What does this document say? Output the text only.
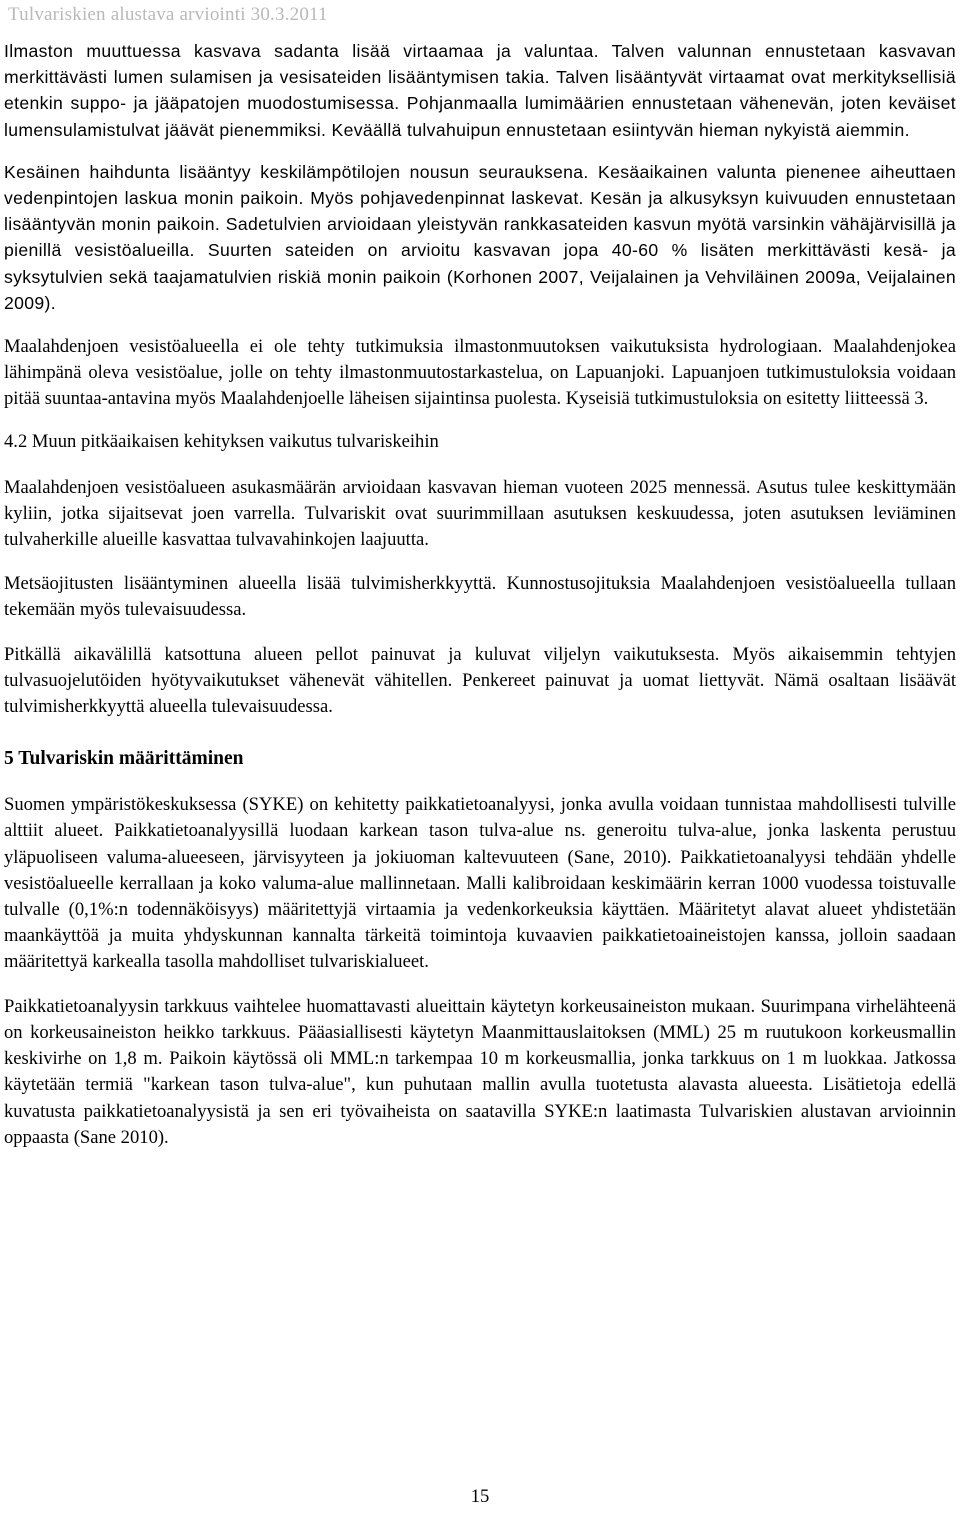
Tulvariskien alustava arviointi 30.3.2011

Ilmaston muuttuessa kasvava sadanta lisää virtaamaa ja valuntaa. Talven valunnan ennustetaan kasvavan merkittävästi lumen sulamisen ja vesisateiden lisääntymisen takia. Talven lisääntyvät virtaamat ovat merkityksellisiä etenkin suppo- ja jääpatojen muodostumisessa. Pohjanmaalla lumimäärien ennustetaan vähenevän, joten keväiset lumensulamistulvat jäävät pienemmiksi. Keväällä tulvahuipun ennustetaan esiintyvän hieman nykyistä aiemmin.

Kesäinen haihdunta lisääntyy keskilämpötilojen nousun seurauksena. Kesäaikainen valunta pienenee aiheuttaen vedenpintojen laskua monin paikoin. Myös pohjavedenpinnat laskevat. Kesän ja alkusyksyn kuivuuden ennustetaan lisääntyvän monin paikoin. Sadetulvien arvioidaan yleistyvän rankkasateiden kasvun myötä varsinkin vähäjärvisillä ja pienillä vesistöalueilla. Suurten sateiden on arvioitu kasvavan jopa 40-60 % lisäten merkittävästi kesä- ja syksytulvien sekä taajamatulvien riskiä monin paikoin (Korhonen 2007, Veijalainen ja Vehviläinen 2009a, Veijalainen 2009).

Maalahdenjoen vesistöalueella ei ole tehty tutkimuksia ilmastonmuutoksen vaikutuksista hydrologiaan. Maalahdenjokea lähimpänä oleva vesistöalue, jolle on tehty ilmastonmuutostarkastelua, on Lapuanjoki. Lapuanjoen tutkimustuloksia voidaan pitää suuntaa-antavina myös Maalahdenjoelle läheisen sijaintinsa puolesta. Kyseisiä tutkimustuloksia on esitetty liitteessä 3.

4.2 Muun pitkäaikaisen kehityksen vaikutus tulvariskeihin

Maalahdenjoen vesistöalueen asukasmäärän arvioidaan kasvavan hieman vuoteen 2025 mennessä. Asutus tulee keskittymään kyliin, jotka sijaitsevat joen varrella. Tulvariskit ovat suurimmillaan asutuksen keskuudessa, joten asutuksen leviäminen tulvaherkille alueille kasvattaa tulvavahinkojen laajuutta.

Metsäojitusten lisääntyminen alueella lisää tulvimisherkkyyttä. Kunnostusojituksia Maalahdenjoen vesistöalueella tullaan tekemään myös tulevaisuudessa.

Pitkällä aikavälillä katsottuna alueen pellot painuvat ja kuluvat viljelyn vaikutuksesta. Myös aikaisemmin tehtyjen tulvasuojelutöiden hyötyvaikutukset vähenevät vähitellen. Penkereet painuvat ja uomat liettyvät. Nämä osaltaan lisäävät tulvimisherkkyyttä alueella tulevaisuudessa.

5 Tulvariskin määrittäminen

Suomen ympäristökeskuksessa (SYKE) on kehitetty paikkatietoanalyysi, jonka avulla voidaan tunnistaa mahdollisesti tulville alttiit alueet. Paikkatietoanalyysillä luodaan karkean tason tulva-alue ns. generoitu tulva-alue, jonka laskenta perustuu yläpuoliseen valuma-alueeseen, järvisyyteen ja jokiuoman kaltevuuteen (Sane, 2010). Paikkatietoanalyysi tehdään yhdelle vesistöalueelle kerrallaan ja koko valuma-alue mallinnetaan. Malli kalibroidaan keskimäärin kerran 1000 vuodessa toistuvalle tulvalle (0,1%:n todennäköisyys) määritettyjä virtaamia ja vedenkorkeuksia käyttäen. Määritetyt alavat alueet yhdistetään maankäyttöä ja muita yhdyskunnan kannalta tärkeitä toimintoja kuvaavien paikkatietoaineistojen kanssa, jolloin saadaan määritettyä karkealla tasolla mahdolliset tulvariskialueet.

Paikkatietoanalyysin tarkkuus vaihtelee huomattavasti alueittain käytetyn korkeusaineiston mukaan. Suurimpana virhelähteenä on korkeusaineiston heikko tarkkuus. Pääasiallisesti käytetyn Maanmittauslaitoksen (MML) 25 m ruutukoon korkeusmallin keskivirhe on 1,8 m. Paikoin käytössä oli MML:n tarkempaa 10 m korkeusmallia, jonka tarkkuus on 1 m luokkaa. Jatkossa käytetään termiä "karkean tason tulva-alue", kun puhutaan mallin avulla tuotetusta alavasta alueesta. Lisätietoja edellä kuvatusta paikkatietoanalyysistä ja sen eri työvaiheista on saatavilla SYKE:n laatimasta Tulvariskien alustavan arvioinnin oppaasta (Sane 2010).

15
